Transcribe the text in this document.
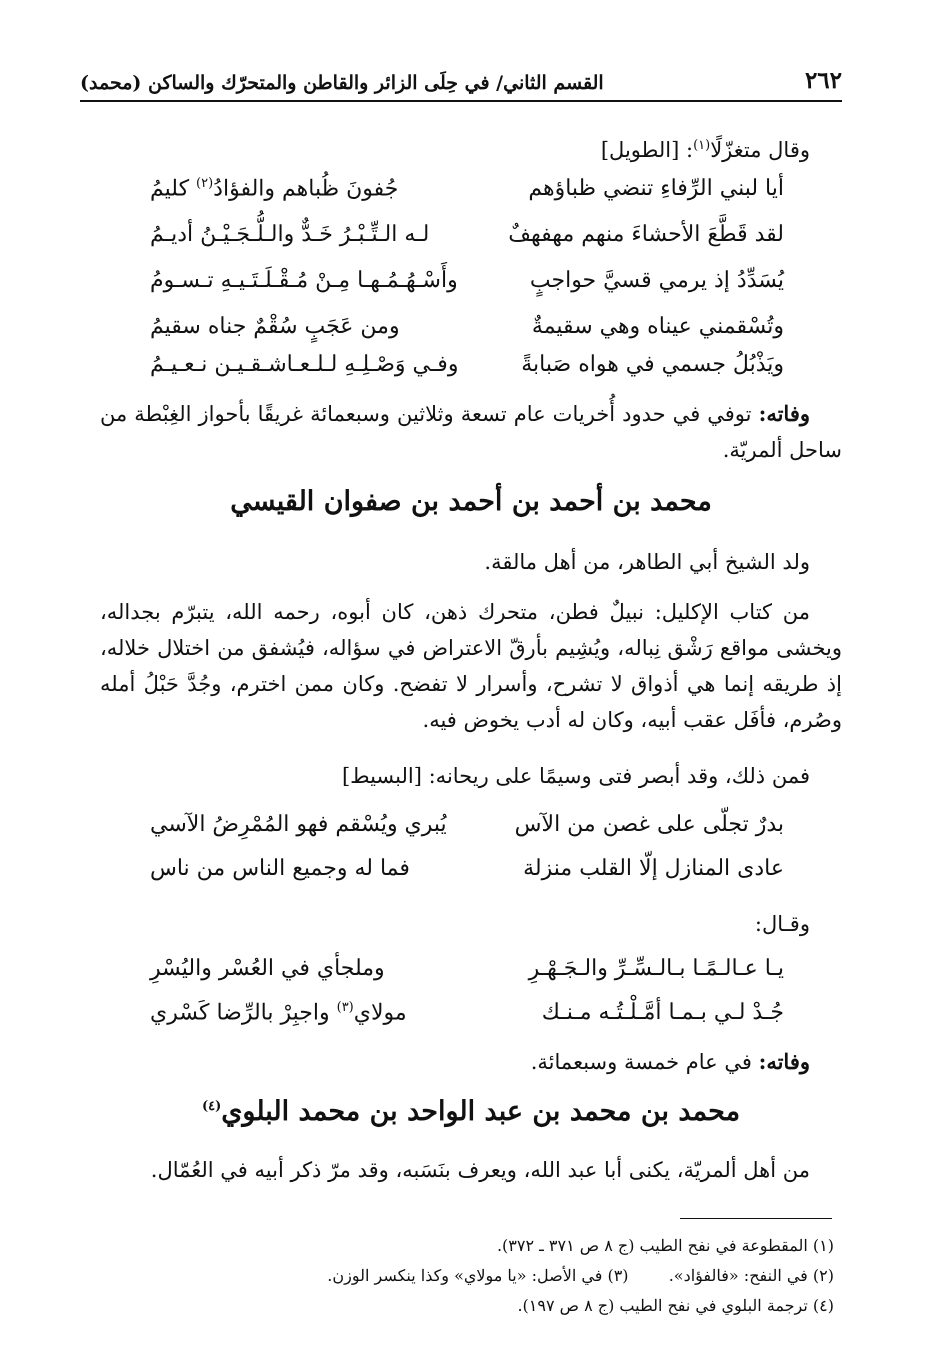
٢٦٢
القسم الثاني/ في حِلَى الزائر والقاطن والمتحرّك والساكن (محمد)

وقال متغزّلًا$^{(١)}$: [الطويل]

أيا لبني الرِّفاءِ تنضي ظباؤهم
جُفونَ ظُباهم والفؤادُ$^{(٢)}$ كليمُ
لقد قَطَّعَ الأحشاءَ منهم مهفهفٌ
لـه الـتِّـبْـرُ خَـدٌّ والـلُّـجَـيْـنُ أديـمُ
يُسَدِّدُ إذ يرمي قسيَّ حواجبٍ
وأَسْـهُـمُـهـا مِـنْ مُـقْـلَـتَـيـهِ تـسـومُ
وتُسْقمني عيناه وهي سقيمةٌ
ومن عَجَبٍ سُقْمٌ جناه سقيمُ
ويَذْبُلُ جسمي في هواه صَبابةً
وفـي وَصْـلِـهِ لـلـعـاشـقـيـن نـعـيـمُ

وفاته: توفي في حدود أُخريات عام تسعة وثلاثين وسبعمائة غريقًا بأحواز الغِبْطة من ساحل ألمريّة.

محمد بن أحمد بن أحمد بن صفوان القيسي

ولد الشيخ أبي الطاهر، من أهل مالقة.

من كتاب الإكليل: نبيلٌ فطن، متحرك ذهن، كان أبوه، رحمه الله، يتبرّم بجداله، ويخشى مواقع رَشْق نِباله، ويُشِيم بأرقّ الاعتراض في سؤاله، فيُشفق من اختلال خلاله، إذ طريقه إنما هي أذواق لا تشرح، وأسرار لا تفضح. وكان ممن اخترم، وجُدَّ حَبْلُ أمله وصُرم، فأفَل عقب أبيه، وكان له أدب يخوض فيه.

فمن ذلك، وقد أبصر فتى وسيمًا على ريحانه: [البسيط]

بدرٌ تجلّى على غصن من الآس
يُبري ويُسْقم فهو المُمْرِضُ الآسي
عادى المنازل إلّا القلب منزلة
فما له وجميع الناس من ناس

وقـال:

يـا عـالـمًـا بـالـسِّـرِّ والـجَـهْـرِ
وملجأي في العُسْر واليُسْرِ
جُـدْ لـي بـمـا أمَّـلْـتُـه مـنـك
مولاي$^{(٣)}$ واجبِرْ بالرِّضا كَسْري

وفاته: في عام خمسة وسبعمائة.

محمد بن محمد بن عبد الواحد بن محمد البلوي$^{(٤)}$

من أهل ألمريّة، يكنى أبا عبد الله، ويعرف بنَسَبه، وقد مرّ ذكر أبيه في العُمّال.

(١) المقطوعة في نفح الطيب (ج ٨ ص ٣٧١ ـ ٣٧٢).
(٢) في النفح: «فالفؤاد».  (٣) في الأصل: «يا مولاي» وكذا ينكسر الوزن.
(٤) ترجمة البلوي في نفح الطيب (ج ٨ ص ١٩٧).
